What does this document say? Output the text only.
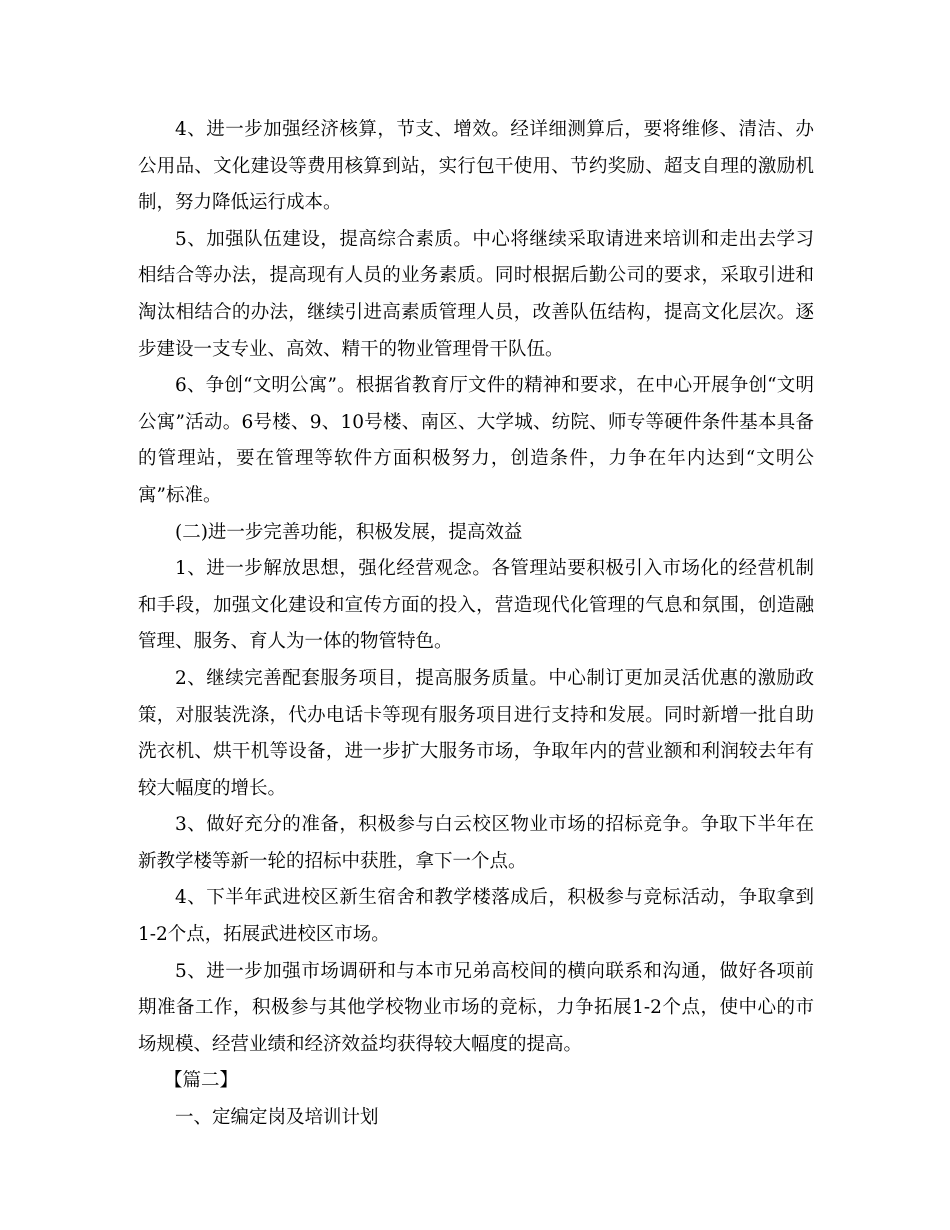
4、进一步加强经济核算，节支、增效。经详细测算后，要将维修、清洁、办公用品、文化建设等费用核算到站，实行包干使用、节约奖励、超支自理的激励机制，努力降低运行成本。

5、加强队伍建设，提高综合素质。中心将继续采取请进来培训和走出去学习相结合等办法，提高现有人员的业务素质。同时根据后勤公司的要求，采取引进和淘汰相结合的办法，继续引进高素质管理人员，改善队伍结构，提高文化层次。逐步建设一支专业、高效、精干的物业管理骨干队伍。

6、争创“文明公寓”。根据省教育厅文件的精神和要求，在中心开展争创“文明公寓”活动。6号楼、9、10号楼、南区、大学城、纺院、师专等硬件条件基本具备的管理站，要在管理等软件方面积极努力，创造条件，力争在年内达到“文明公寓”标准。

(二)进一步完善功能，积极发展，提高效益

1、进一步解放思想，强化经营观念。各管理站要积极引入市场化的经营机制和手段，加强文化建设和宣传方面的投入，营造现代化管理的气息和氛围，创造融管理、服务、育人为一体的物管特色。

2、继续完善配套服务项目，提高服务质量。中心制订更加灵活优惠的激励政策，对服装洗涤，代办电话卡等现有服务项目进行支持和发展。同时新增一批自助洗衣机、烘干机等设备，进一步扩大服务市场，争取年内的营业额和利润较去年有较大幅度的增长。

3、做好充分的准备，积极参与白云校区物业市场的招标竞争。争取下半年在新教学楼等新一轮的招标中获胜，拿下一个点。

4、下半年武进校区新生宿舍和教学楼落成后，积极参与竞标活动，争取拿到1-2个点，拓展武进校区市场。

5、进一步加强市场调研和与本市兄弟高校间的横向联系和沟通，做好各项前期准备工作，积极参与其他学校物业市场的竞标，力争拓展1-2个点，使中心的市场规模、经营业绩和经济效益均获得较大幅度的提高。

【篇二】

一、定编定岗及培训计划
